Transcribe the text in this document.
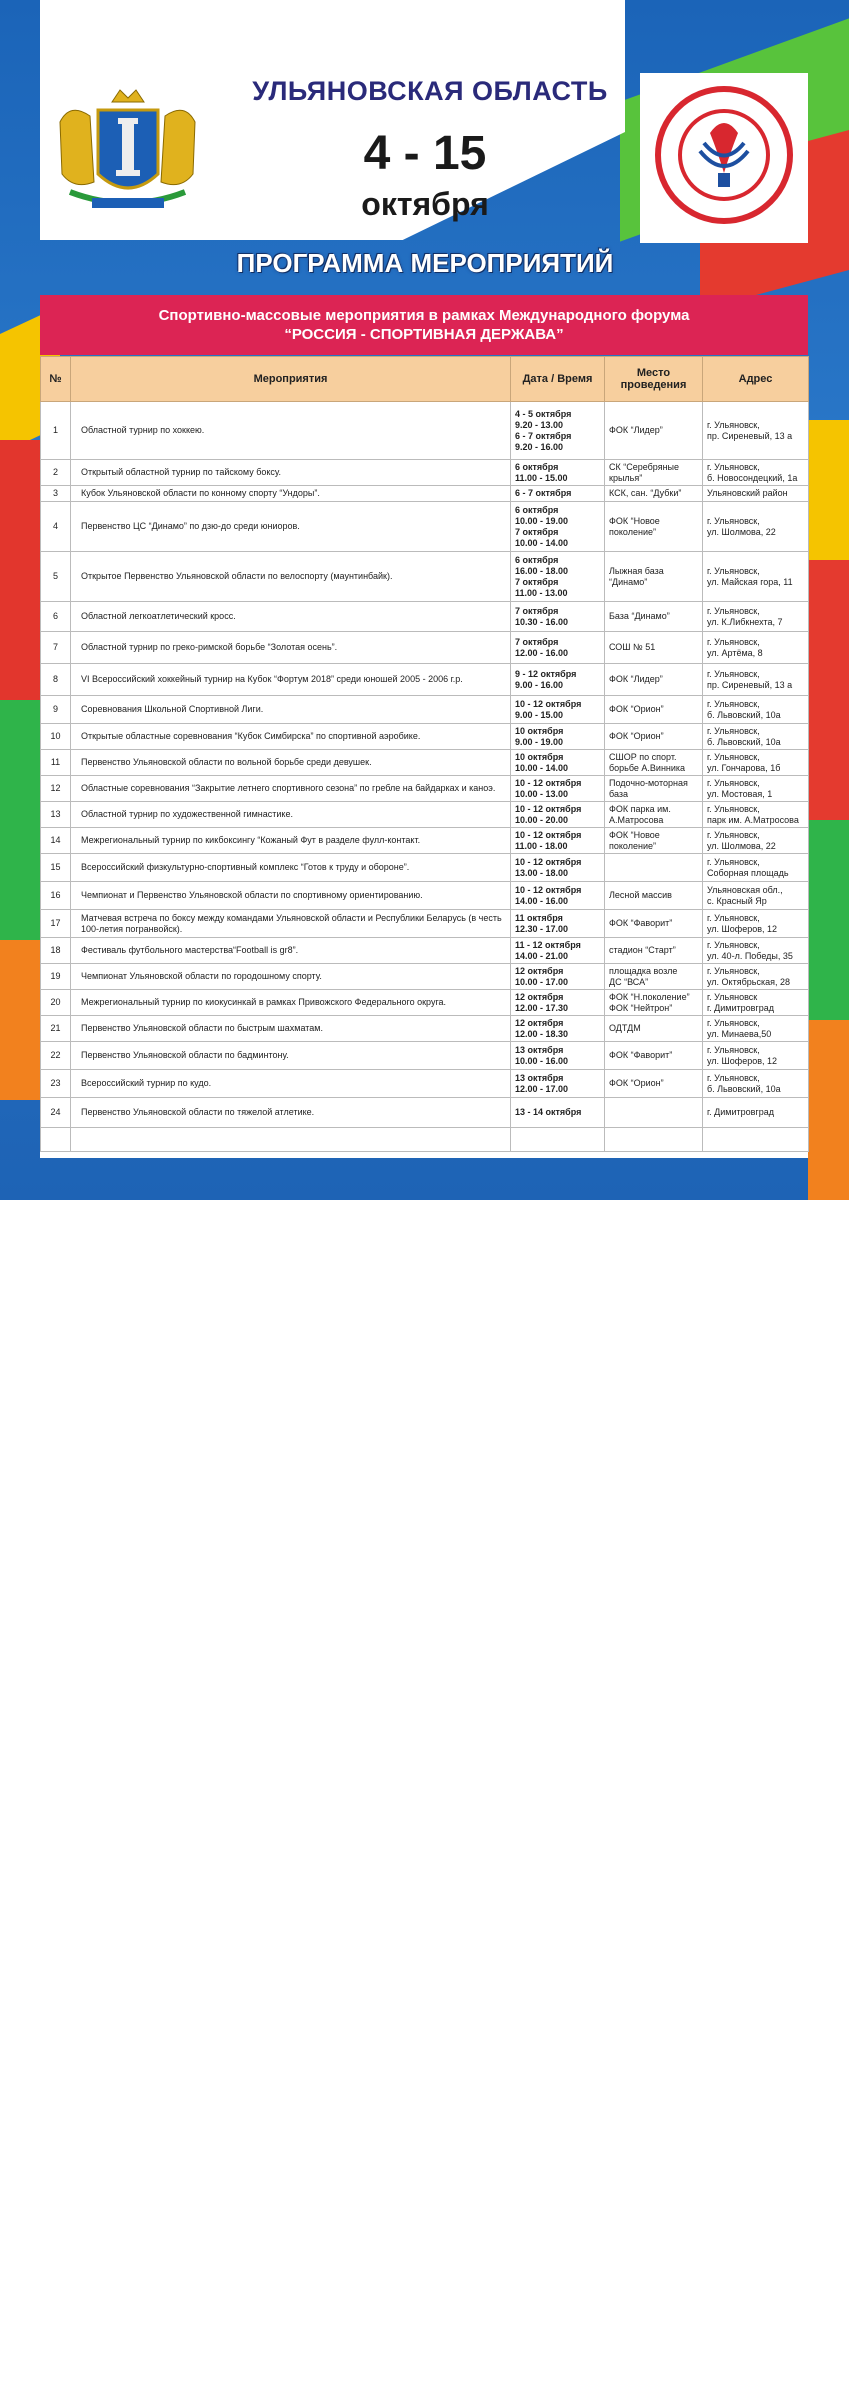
УЛЬЯНОВСКАЯ ОБЛАСТЬ
4 - 15
октября
ПРОГРАММА МЕРОПРИЯТИЙ
Спортивно-массовые мероприятия в рамках Международного форума
“РОССИЯ - СПОРТИВНАЯ ДЕРЖАВА”
№	Мероприятия	Дата / Время	Место проведения	Адрес
1	Областной турнир по хоккею.	4 - 5 октября
9.20 - 13.00
6 - 7 октября
9.20 - 16.00	ФОК “Лидер”	г. Ульяновск,
пр. Сиреневый, 13 а
2	Открытый областной турнир по тайскому боксу.	6 октября
11.00 - 15.00	СК “Серебряные
крылья”	г. Ульяновск,
б. Новосондецкий, 1а
3	Кубок Ульяновской области по конному спорту “Ундоры”.	6 - 7 октября	КСК, сан. “Дубки”	Ульяновский район
4	Первенство ЦС “Динамо” по дзю-до среди юниоров.	6 октября
10.00 - 19.00
7 октября
10.00 - 14.00	ФОК “Новое
поколение”	г. Ульяновск,
ул. Шолмова, 22
5	Открытое Первенство Ульяновской области по велоспорту (маунтинбайк).	6 октября
16.00 - 18.00
7 октября
11.00 - 13.00	Лыжная база
“Динамо”	г. Ульяновск,
ул. Майская гора, 11
6	Областной легкоатлетический кросс.	7 октября
10.30 - 16.00	База “Динамо”	г. Ульяновск,
ул. К.Либкнехта, 7
7	Областной турнир по греко-римской борьбе “Золотая осень”.	7 октября
12.00 - 16.00	СОШ № 51	г. Ульяновск,
ул. Артёма, 8
8	VI Всероссийский хоккейный турнир на Кубок “Фортум 2018” среди юношей 2005 - 2006 г.р.	9 - 12 октября
9.00 - 16.00	ФОК “Лидер”	г. Ульяновск,
пр. Сиреневый, 13 а
9	Соревнования Школьной Спортивной Лиги.	10 - 12 октября
9.00 - 15.00	ФОК “Орион”	г. Ульяновск,
б. Львовский, 10а
10	Открытые областные соревнования “Кубок Симбирска” по спортивной аэробике.	10 октября
9.00 - 19.00	ФОК “Орион”	г. Ульяновск,
б. Львовский, 10а
11	Первенство Ульяновской области по вольной борьбе среди девушек.	10 октября
10.00 - 14.00	СШОР по спорт.
борьбе А.Винника	г. Ульяновск,
ул. Гончарова, 1б
12	Областные соревнования “Закрытие летнего спортивного сезона” по гребле на байдарках и каноэ.	10 - 12 октября
10.00 - 13.00	Подочно-моторная
база	г. Ульяновск,
ул. Мостовая, 1
13	Областной турнир по художественной гимнастике.	10 - 12 октября
10.00 - 20.00	ФОК парка им.
А.Матросова	г. Ульяновск,
парк им. А.Матросова
14	Межрегиональный турнир по кикбоксингу “Кожаный Фут в разделе фулл-контакт.	10 - 12 октября
11.00 - 18.00	ФОК “Новое
поколение”	г. Ульяновск,
ул. Шолмова, 22
15	Всероссийский физкультурно-спортивный комплекс “Готов к труду и обороне”.	10 - 12 октября
13.00 - 18.00		г. Ульяновск,
Соборная площадь
16	Чемпионат и Первенство Ульяновской области по спортивному ориентированию.	10 - 12 октября
14.00 - 16.00	Лесной массив	Ульяновская обл.,
с. Красный Яр
17	Матчевая встреча по боксу между командами Ульяновской области и Республики Беларусь (в честь 100-летия погранвойск).	11 октября
12.30 - 17.00	ФОК “Фаворит”	г. Ульяновск,
ул. Шоферов, 12
18	Фестиваль футбольного мастерства“Football is gr8”.	11 - 12 октября
14.00 - 21.00	стадион “Старт”	г. Ульяновск,
ул. 40-л. Победы, 35
19	Чемпионат Ульяновской области по городошному спорту.	12 октября
10.00 - 17.00	площадка возле
ДС “ВСА”	г. Ульяновск,
ул. Октябрьская, 28
20	Межрегиональный турнир по киокусинкай в рамках Привожского Федерального округа.	12 октября
12.00 - 17.30	ФОК “Н.поколение”
ФОК “Нейтрон”	г. Ульяновск
г. Димитровград
21	Первенство Ульяновской области по быстрым шахматам.	12 октября
12.00 - 18.30	ОДТДМ	г. Ульяновск,
ул. Минаева,50
22	Первенство Ульяновской области по бадминтону.	13 октября
10.00 - 16.00	ФОК “Фаворит”	г. Ульяновск,
ул. Шоферов, 12
23	Всероссийский турнир по кудо.	13 октября
12.00 - 17.00	ФОК “Орион”	г. Ульяновск,
б. Львовский, 10а
24	Первенство Ульяновской области по тяжелой атлетике.	13 - 14 октября		г. Димитровград
